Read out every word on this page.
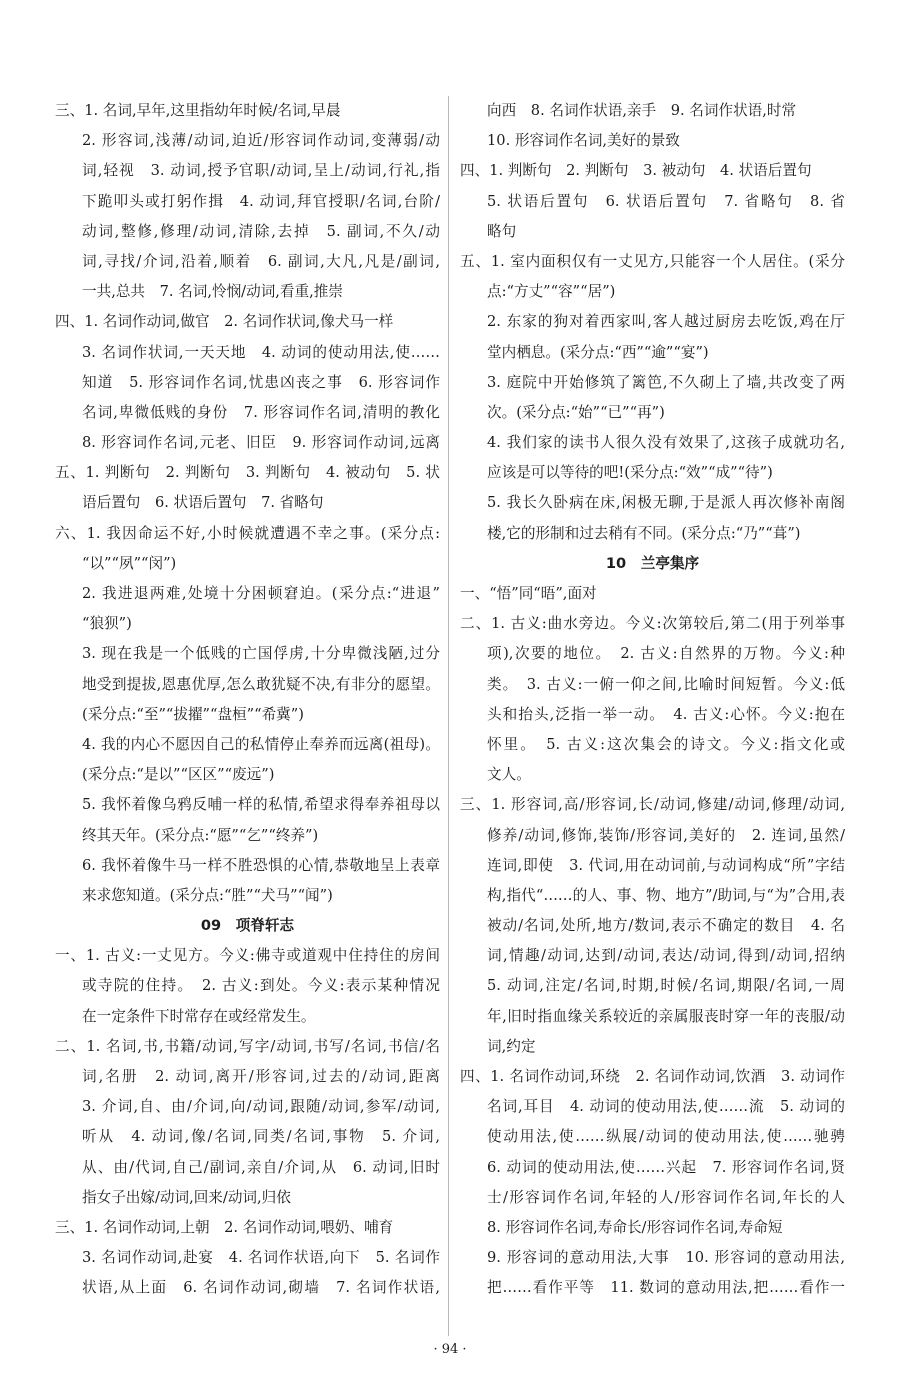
三、1. 名词,早年,这里指幼年时候/名词,早晨
2. 形容词,浅薄/动词,迫近/形容词作动词,变薄弱/动
词,轻视　3. 动词,授予官职/动词,呈上/动词,行礼,指
下跪叩头或打躬作揖　4. 动词,拜官授职/名词,台阶/
动词,整修,修理/动词,清除,去掉　5. 副词,不久/动
词,寻找/介词,沿着,顺着　6. 副词,大凡,凡是/副词,
一共,总共　7. 名词,怜悯/动词,看重,推崇
四、1. 名词作动词,做官　2. 名词作状词,像犬马一样
3. 名词作状词,一天天地　4. 动词的使动用法,使……
知道　5. 形容词作名词,忧患凶丧之事　6. 形容词作
名词,卑微低贱的身份　7. 形容词作名词,清明的教化
8. 形容词作名词,元老、旧臣　9. 形容词作动词,远离
五、1. 判断句　2. 判断句　3. 判断句　4. 被动句　5. 状
语后置句　6. 状语后置句　7. 省略句
六、1. 我因命运不好,小时候就遭遇不幸之事。(采分点:
“以”“夙”“闵”)
2. 我进退两难,处境十分困顿窘迫。(采分点:“进退”
“狼狈”)
3. 现在我是一个低贱的亡国俘虏,十分卑微浅陋,过分
地受到提拔,恩惠优厚,怎么敢犹疑不决,有非分的愿望。
(采分点:“至”“拔擢”“盘桓”“希冀”)
4. 我的内心不愿因自己的私情停止奉养而远离(祖母)。
(采分点:“是以”“区区”“废远”)
5. 我怀着像乌鸦反哺一样的私情,希望求得奉养祖母以
终其天年。(采分点:“愿”“乞”“终养”)
6. 我怀着像牛马一样不胜恐惧的心情,恭敬地呈上表章
来求您知道。(采分点:“胜”“犬马”“闻”)
09　项脊轩志
一、1. 古义:一丈见方。今义:佛寺或道观中住持住的房间
或寺院的住持。　2. 古义:到处。今义:表示某种情况
在一定条件下时常存在或经常发生。
二、1. 名词,书,书籍/动词,写字/动词,书写/名词,书信/名
词,名册　2. 动词,离开/形容词,过去的/动词,距离
3. 介词,自、由/介词,向/动词,跟随/动词,参军/动词,
听从　4. 动词,像/名词,同类/名词,事物　5. 介词,
从、由/代词,自己/副词,亲自/介词,从　6. 动词,旧时
指女子出嫁/动词,回来/动词,归依
三、1. 名词作动词,上朝　2. 名词作动词,喂奶、哺育
3. 名词作动词,赴宴　4. 名词作状语,向下　5. 名词作
状语,从上面　6. 名词作动词,砌墙　7. 名词作状语,
向西　8. 名词作状语,亲手　9. 名词作状语,时常
10. 形容词作名词,美好的景致
四、1. 判断句　2. 判断句　3. 被动句　4. 状语后置句
5. 状语后置句　6. 状语后置句　7. 省略句　8. 省
略句
五、1. 室内面积仅有一丈见方,只能容一个人居住。(采分
点:“方丈”“容”“居”)
2. 东家的狗对着西家叫,客人越过厨房去吃饭,鸡在厅
堂内栖息。(采分点:“西”“逾”“宴”)
3. 庭院中开始修筑了篱笆,不久砌上了墙,共改变了两
次。(采分点:“始”“已”“再”)
4. 我们家的读书人很久没有效果了,这孩子成就功名,
应该是可以等待的吧!(采分点:“效”“成”“待”)
5. 我长久卧病在床,闲极无聊,于是派人再次修补南阁
楼,它的形制和过去稍有不同。(采分点:“乃”“葺”)
10　兰亭集序
一、“悟”同“晤”,面对
二、1. 古义:曲水旁边。今义:次第较后,第二(用于列举事
项),次要的地位。　2. 古义:自然界的万物。今义:种
类。　3. 古义:一俯一仰之间,比喻时间短暂。今义:低
头和抬头,泛指一举一动。　4. 古义:心怀。今义:抱在
怀里。　5. 古义:这次集会的诗文。今义:指文化或
文人。
三、1. 形容词,高/形容词,长/动词,修建/动词,修理/动词,
修养/动词,修饰,装饰/形容词,美好的　2. 连词,虽然/
连词,即使　3. 代词,用在动词前,与动词构成“所”字结
构,指代“……的人、事、物、地方”/助词,与“为”合用,表
被动/名词,处所,地方/数词,表示不确定的数目　4. 名
词,情趣/动词,达到/动词,表达/动词,得到/动词,招纳
5. 动词,注定/名词,时期,时候/名词,期限/名词,一周
年,旧时指血缘关系较近的亲属服丧时穿一年的丧服/动
词,约定
四、1. 名词作动词,环绕　2. 名词作动词,饮酒　3. 动词作
名词,耳目　4. 动词的使动用法,使……流　5. 动词的
使动用法,使……纵展/动词的使动用法,使……驰骋
6. 动词的使动用法,使……兴起　7. 形容词作名词,贤
士/形容词作名词,年轻的人/形容词作名词,年长的人
8. 形容词作名词,寿命长/形容词作名词,寿命短
9. 形容词的意动用法,大事　10. 形容词的意动用法,
把……看作平等　11. 数词的意动用法,把……看作一
· 94 ·
